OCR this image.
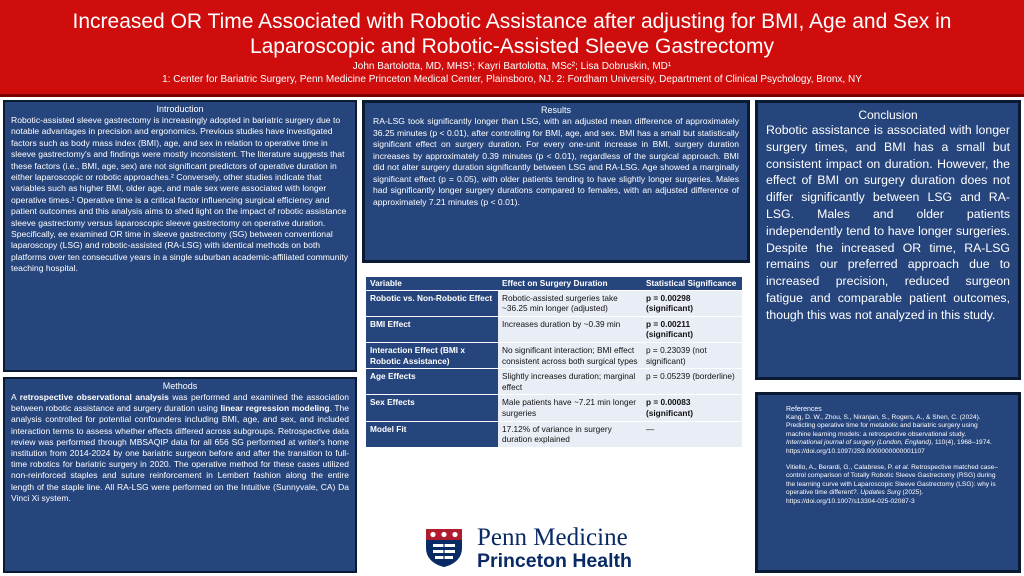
Increased OR Time Associated with Robotic Assistance after adjusting for BMI, Age and Sex in Laparoscopic and Robotic-Assisted Sleeve Gastrectomy
John Bartolotta, MD, MHS¹; Kayri Bartolotta, MSc²; Lisa Dobruskin, MD¹
1: Center for Bariatric Surgery, Penn Medicine Princeton Medical Center, Plainsboro, NJ. 2: Fordham University, Department of Clinical Psychology, Bronx, NY
Introduction
Robotic-assisted sleeve gastrectomy is increasingly adopted in bariatric surgery due to notable advantages in precision and ergonomics. Previous studies have investigated factors such as body mass index (BMI), age, and sex in relation to operative time in sleeve gastrectomy's and findings were mostly inconsistent. The literature suggests that these factors (i.e., BMI, age, sex) are not significant predictors of operative duration in either laparoscopic or robotic approaches.² Conversely, other studies indicate that variables such as higher BMI, older age, and male sex were associated with longer operative times.¹ Operative time is a critical factor influencing surgical efficiency and patient outcomes and this analysis aims to shed light on the impact of robotic assistance sleeve gastrectomy versus laparoscopic sleeve gastrectomy on operative duration. Specifically, ee examined OR time in sleeve gastrectomy (SG) between conventional laparoscopy (LSG) and robotic-assisted (RA-LSG) with identical methods on both platforms over ten consecutive years in a single suburban academic-affiliated community teaching hospital.
Methods
A retrospective observational analysis was performed and examined the association between robotic assistance and surgery duration using linear regression modeling. The analysis controlled for potential confounders including BMI, age, and sex, and included interaction terms to assess whether effects differed across subgroups. Retrospective data review was performed through MBSAQIP data for all 656 SG performed at writer's home institution from 2014-2024 by one bariatric surgeon before and after the transition to full-time robotics for bariatric surgery in 2020. The operative method for these cases utilized non-reinforced staples and suture reinforcement in Lembert fashion along the entire length of the staple line. All RA-LSG were performed on the Intuitive (Sunnyvale, CA) Da Vinci Xi system.
Results
RA-LSG took significantly longer than LSG, with an adjusted mean difference of approximately 36.25 minutes (p < 0.01), after controlling for BMI, age, and sex. BMI has a small but statistically significant effect on surgery duration. For every one-unit increase in BMI, surgery duration increases by approximately 0.39 minutes (p < 0.01), regardless of the surgical approach. BMI did not alter surgery duration significantly between LSG and RA-LSG. Age showed a marginally significant effect (p = 0.05), with older patients tending to have slightly longer surgeries. Males had significantly longer surgery durations compared to females, with an adjusted difference of approximately 7.21 minutes (p < 0.01).
Variable	Effect on Surgery Duration	Statistical Significance
Robotic vs. Non-Robotic Effect	Robotic-assisted surgeries take ~36.25 min longer (adjusted)	p = 0.00298 (significant)
BMI Effect	Increases duration by ~0.39 min	p = 0.00211 (significant)
Interaction Effect (BMI x Robotic Assistance)	No significant interaction; BMI effect consistent across both surgical types	p = 0.23039 (not significant)
Age Effects	Slightly increases duration; marginal effect	p = 0.05239 (borderline)
Sex Effects	Male patients have ~7.21 min longer surgeries	p = 0.00083 (significant)
Model Fit	17.12% of variance in surgery duration explained	—
Conclusion
Robotic assistance is associated with longer surgery times, and BMI has a small but consistent impact on duration. However, the effect of BMI on surgery duration does not differ significantly between LSG and RA-LSG. Males and older patients independently tend to have longer surgeries. Despite the increased OR time, RA-LSG remains our preferred approach due to increased precision, reduced surgeon fatigue and comparable patient outcomes, though this was not analyzed in this study.
References
Kang, D. W., Zhou, S., Niranjan, S., Rogers, A., & Shen, C. (2024). Predicting operative time for metabolic and bariatric surgery using machine learning models: a retrospective observational study. International journal of surgery (London, England), 110(4), 1968–1974. https://doi.org/10.1097/JS9.0000000000001107
Vitiello, A., Berardi, G., Calabrese, P. et al. Retrospective matched case–control comparison of Totally Robotic Sleeve Gastrectomy (RSG) during the learning curve with Laparoscopic Sleeve Gastrectomy (LSG): why is operative time different?. Updates Surg (2025). https://doi.org/10.1007/s13304-025-02087-3
Penn Medicine
Princeton Health
